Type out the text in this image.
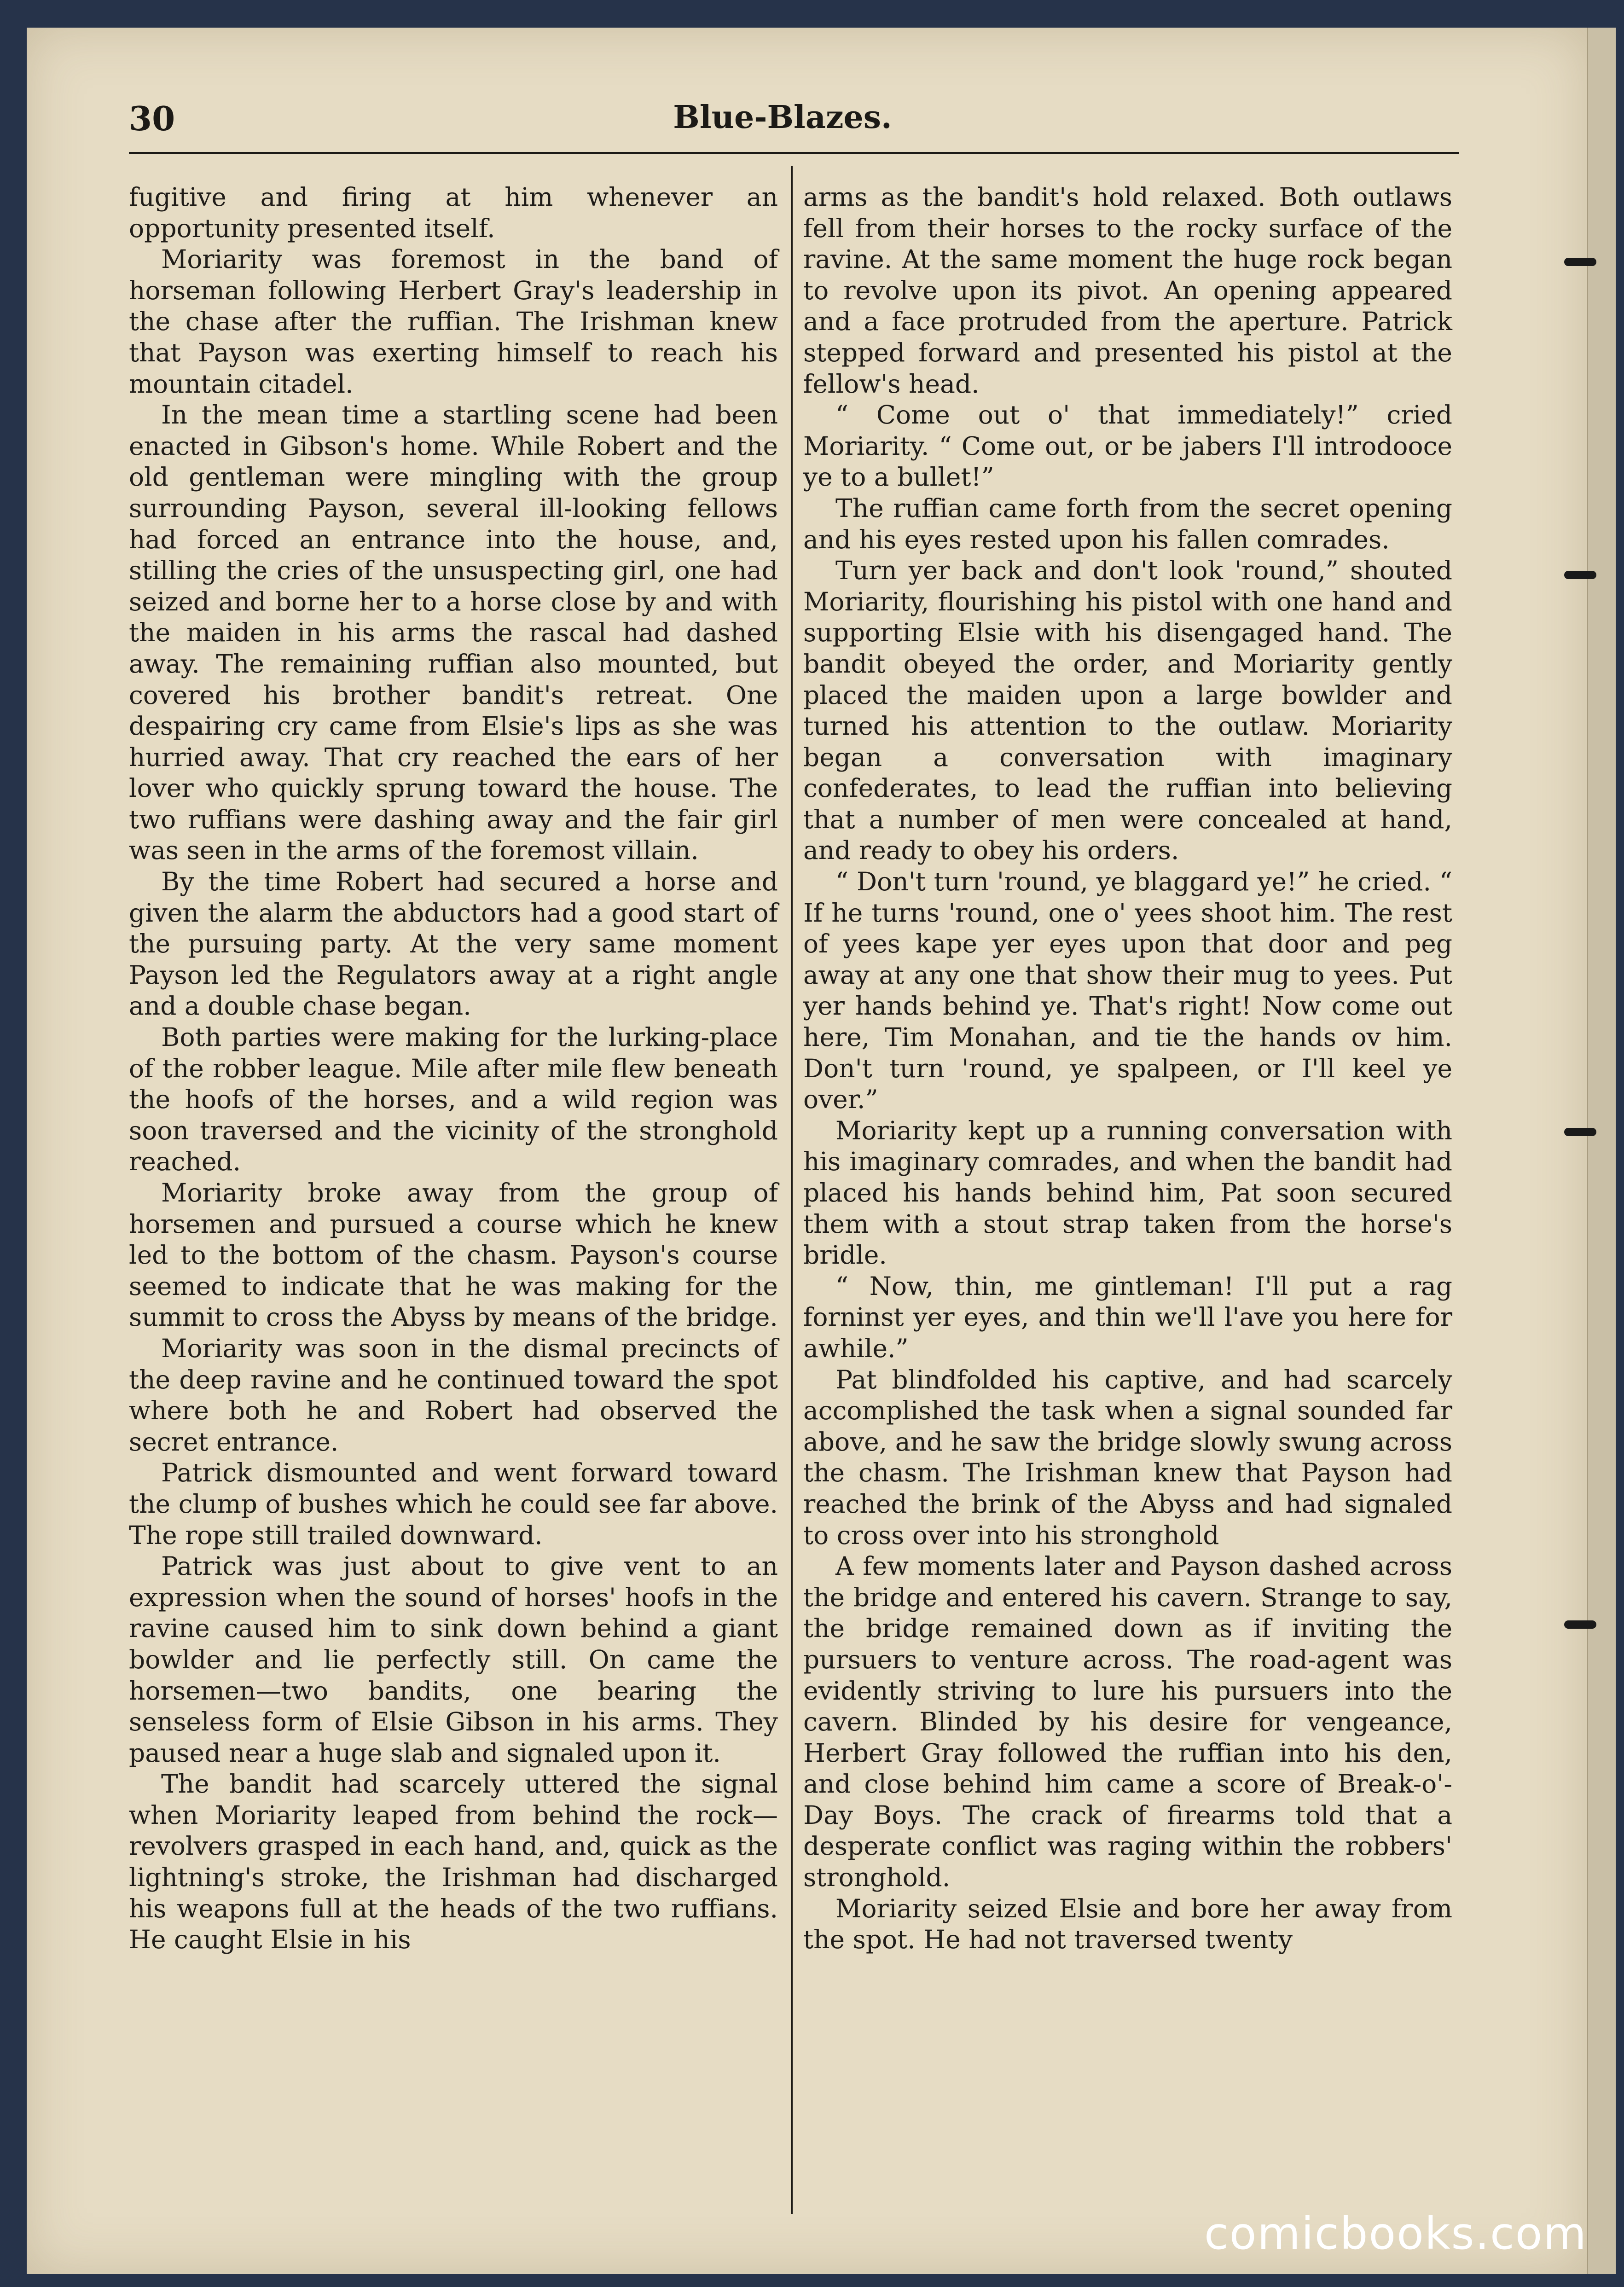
30	Blue-Blazes.

fugitive and firing at him whenever an opportunity presented itself.

Moriarity was foremost in the band of horseman following Herbert Gray's leadership in the chase after the ruffian. The Irishman knew that Payson was exerting himself to reach his mountain citadel.

In the mean time a startling scene had been enacted in Gibson's home. While Robert and the old gentleman were mingling with the group surrounding Payson, several ill-looking fellows had forced an entrance into the house, and, stilling the cries of the unsuspecting girl, one had seized and borne her to a horse close by and with the maiden in his arms the rascal had dashed away. The remaining ruffian also mounted, but covered his brother bandit's retreat. One despairing cry came from Elsie's lips as she was hurried away. That cry reached the ears of her lover who quickly sprung toward the house. The two ruffians were dashing away and the fair girl was seen in the arms of the foremost villain.

By the time Robert had secured a horse and given the alarm the abductors had a good start of the pursuing party. At the very same moment Payson led the Regulators away at a right angle and a double chase began.

Both parties were making for the lurking-place of the robber league. Mile after mile flew beneath the hoofs of the horses, and a wild region was soon traversed and the vicinity of the stronghold reached.

Moriarity broke away from the group of horsemen and pursued a course which he knew led to the bottom of the chasm. Payson's course seemed to indicate that he was making for the summit to cross the Abyss by means of the bridge.

Moriarity was soon in the dismal precincts of the deep ravine and he continued toward the spot where both he and Robert had observed the secret entrance.

Patrick dismounted and went forward toward the clump of bushes which he could see far above. The rope still trailed downward.

Patrick was just about to give vent to an expression when the sound of horses' hoofs in the ravine caused him to sink down behind a giant bowlder and lie perfectly still. On came the horsemen—two bandits, one bearing the senseless form of Elsie Gibson in his arms. They paused near a huge slab and signaled upon it.

The bandit had scarcely uttered the signal when Moriarity leaped from behind the rock—revolvers grasped in each hand, and, quick as the lightning's stroke, the Irishman had discharged his weapons full at the heads of the two ruffians. He caught Elsie in his

arms as the bandit's hold relaxed. Both outlaws fell from their horses to the rocky surface of the ravine. At the same moment the huge rock began to revolve upon its pivot. An opening appeared and a face protruded from the aperture. Patrick stepped forward and presented his pistol at the fellow's head.

“ Come out o' that immediately!” cried Moriarity. “ Come out, or be jabers I'll introdooce ye to a bullet!”

The ruffian came forth from the secret opening and his eyes rested upon his fallen comrades.

Turn yer back and don't look 'round,” shouted Moriarity, flourishing his pistol with one hand and supporting Elsie with his disengaged hand. The bandit obeyed the order, and Moriarity gently placed the maiden upon a large bowlder and turned his attention to the outlaw. Moriarity began a conversation with imaginary confederates, to lead the ruffian into believing that a number of men were concealed at hand, and ready to obey his orders.

“ Don't turn 'round, ye blaggard ye!” he cried. “ If he turns 'round, one o' yees shoot him. The rest of yees kape yer eyes upon that door and peg away at any one that show their mug to yees. Put yer hands behind ye. That's right! Now come out here, Tim Monahan, and tie the hands ov him. Don't turn 'round, ye spalpeen, or I'll keel ye over.”

Moriarity kept up a running conversation with his imaginary comrades, and when the bandit had placed his hands behind him, Pat soon secured them with a stout strap taken from the horse's bridle.

“ Now, thin, me gintleman! I'll put a rag forninst yer eyes, and thin we'll l'ave you here for awhile.”

Pat blindfolded his captive, and had scarcely accomplished the task when a signal sounded far above, and he saw the bridge slowly swung across the chasm. The Irishman knew that Payson had reached the brink of the Abyss and had signaled to cross over into his stronghold

A few moments later and Payson dashed across the bridge and entered his cavern. Strange to say, the bridge remained down as if inviting the pursuers to venture across. The road-agent was evidently striving to lure his pursuers into the cavern. Blinded by his desire for vengeance, Herbert Gray followed the ruffian into his den, and close behind him came a score of Break-o'-Day Boys. The crack of firearms told that a desperate conflict was raging within the robbers' stronghold.

Moriarity seized Elsie and bore her away from the spot. He had not traversed twenty

comicbooks.com
